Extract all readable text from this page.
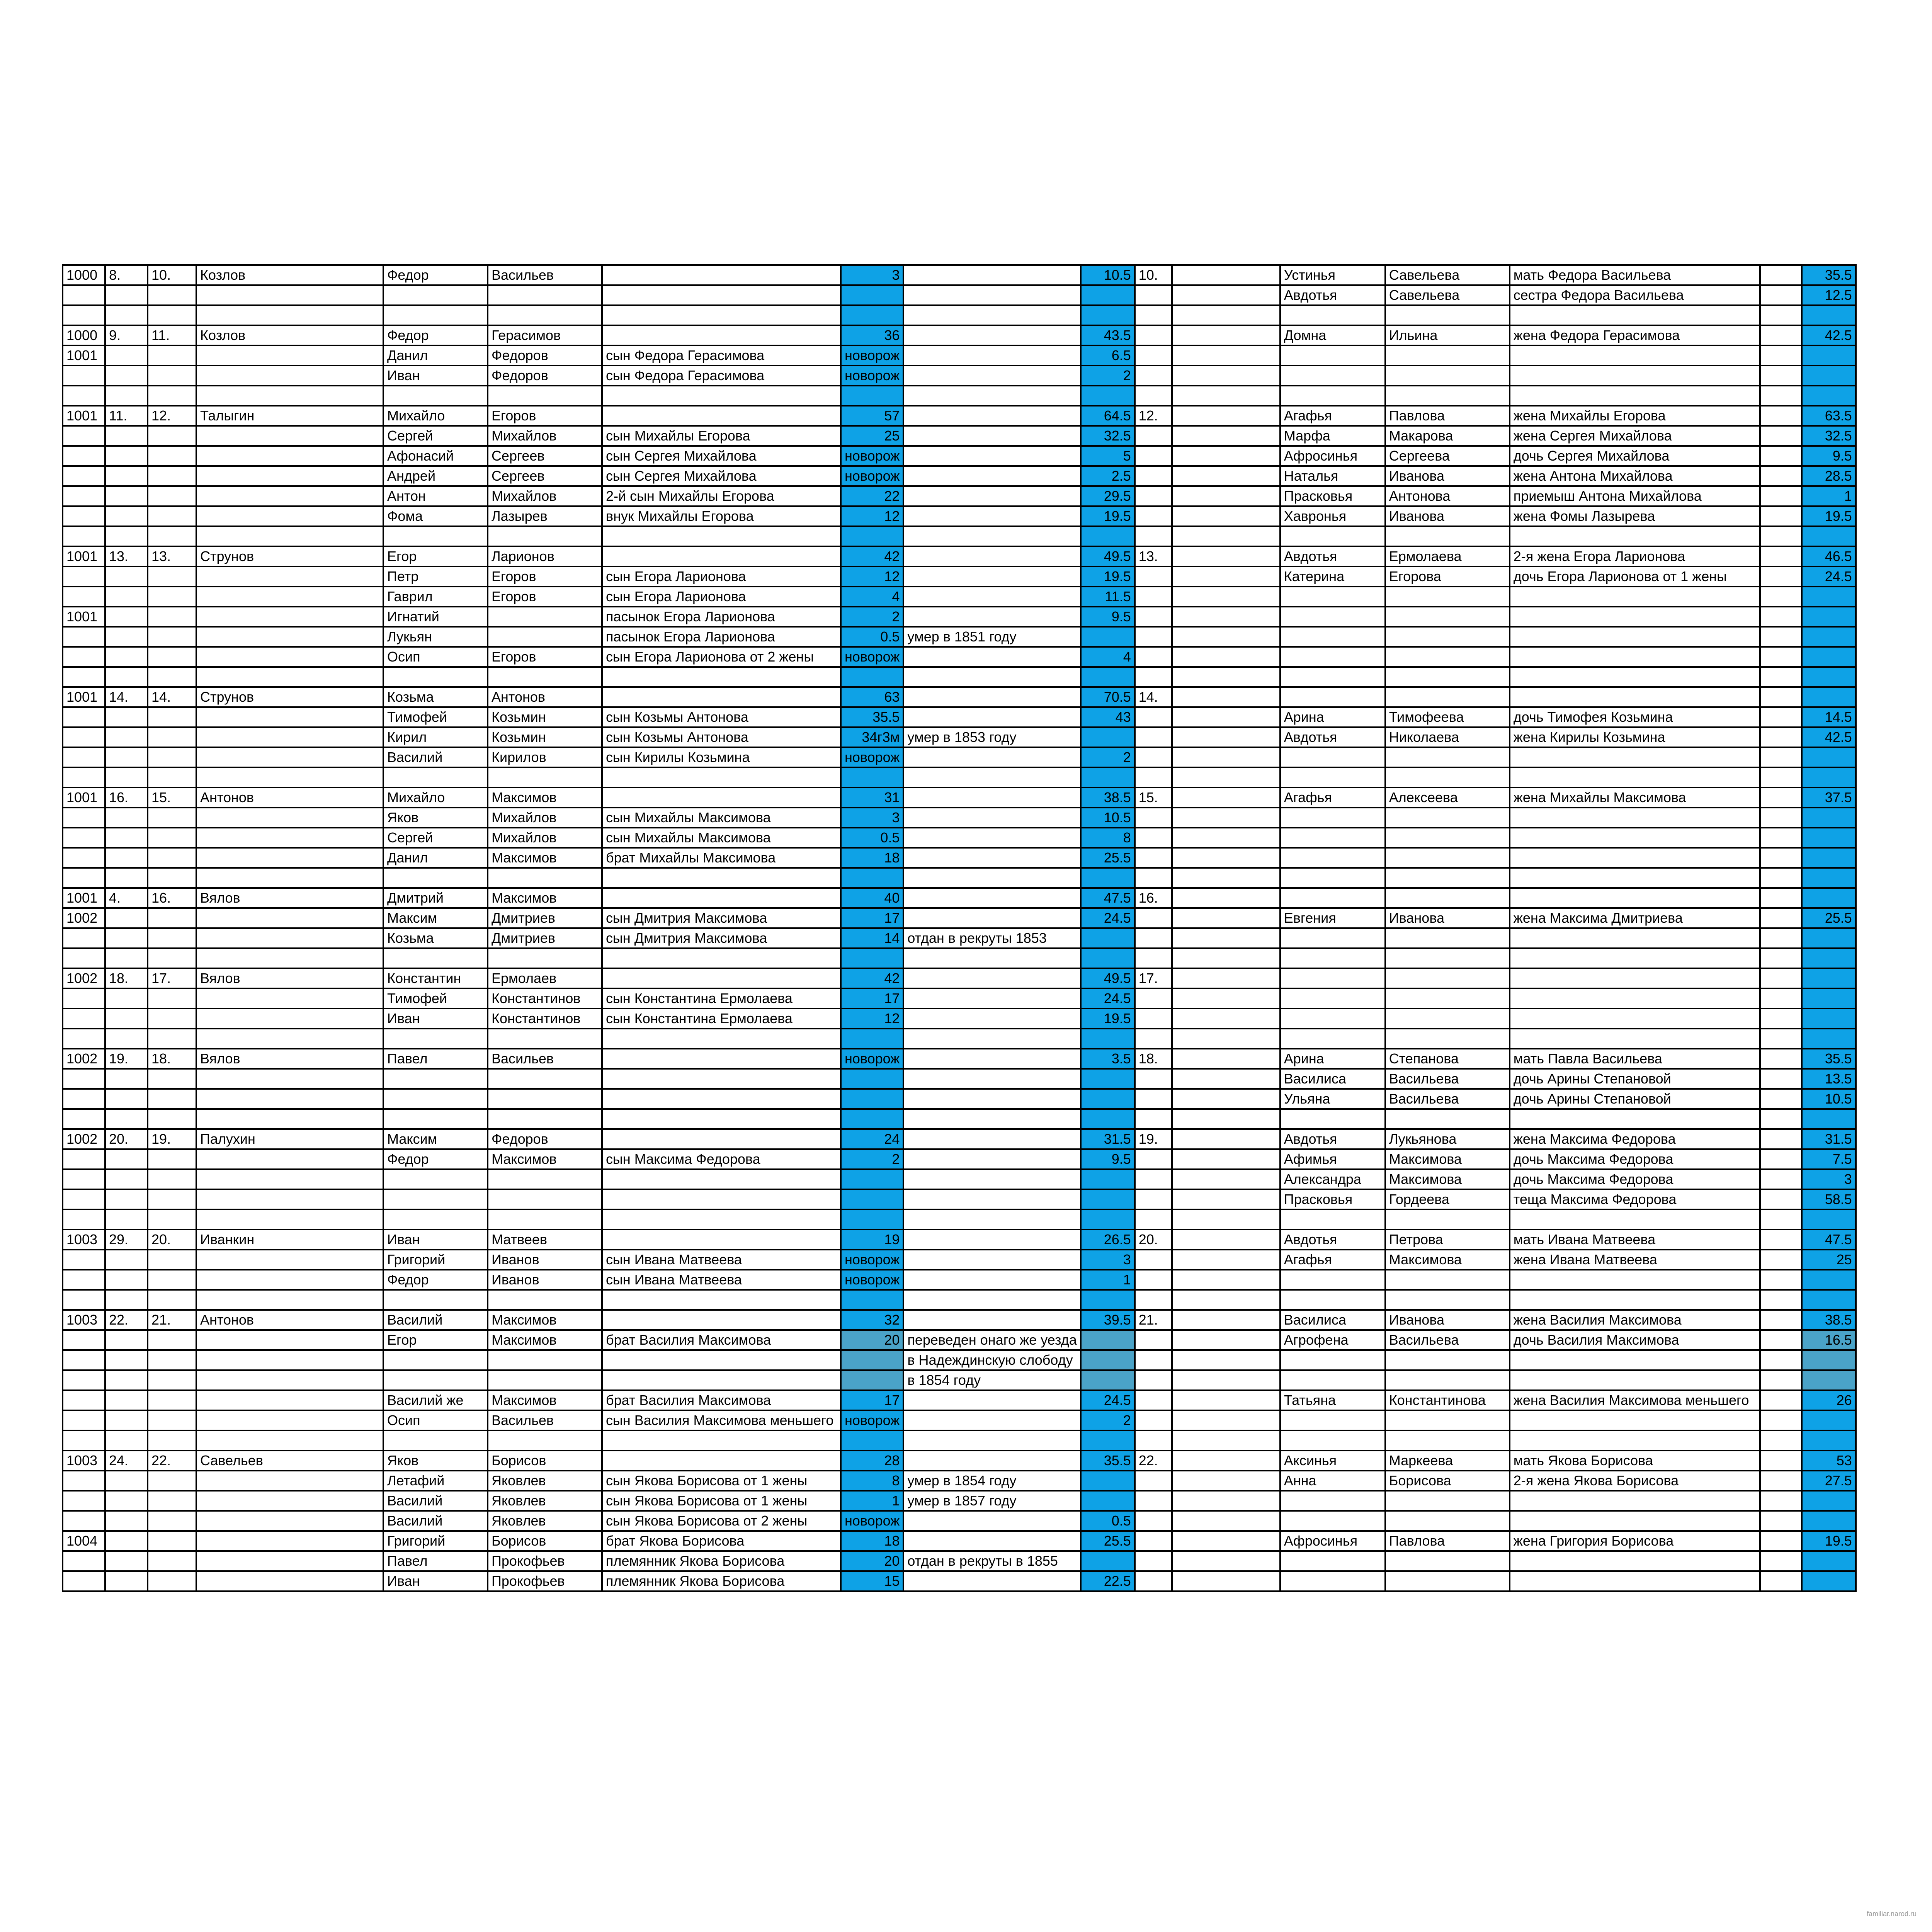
1000	8.	10.	Козлов	Федор	Васильев		3		10.5	10.		Устинья	Савельева	мать Федора Васильева		35.5
												Авдотья	Савельева	сестра Федора Васильева		12.5

1000	9.	11.	Козлов	Федор	Герасимов		36		43.5			Домна	Ильина	жена Федора Герасимова		42.5
1001				Данил	Федоров	сын Федора Герасимова	новорож		6.5							
				Иван	Федоров	сын Федора Герасимова	новорож		2							

1001	11.	12.	Талыгин	Михайло	Егоров		57		64.5	12.		Агафья	Павлова	жена Михайлы Егорова		63.5
				Сергей	Михайлов	сын Михайлы Егорова	25		32.5			Марфа	Макарова	жена Сергея Михайлова		32.5
				Афонасий	Сергеев	сын Сергея Михайлова	новорож		5			Афросинья	Сергеева	дочь Сергея Михайлова		9.5
				Андрей	Сергеев	сын Сергея Михайлова	новорож		2.5			Наталья	Иванова	жена Антона Михайлова		28.5
				Антон	Михайлов	2-й сын Михайлы Егорова	22		29.5			Прасковья	Антонова	приемыш Антона Михайлова		1
				Фома	Лазырев	внук Михайлы Егорова	12		19.5			Хавронья	Иванова	жена Фомы Лазырева		19.5

1001	13.	13.	Струнов	Егор	Ларионов		42		49.5	13.		Авдотья	Ермолаева	2-я жена Егора Ларионова		46.5
				Петр	Егоров	сын Егора Ларионова	12		19.5			Катерина	Егорова	дочь Егора Ларионова от 1 жены		24.5
				Гаврил	Егоров	сын Егора Ларионова	4		11.5							
1001				Игнатий		пасынок Егора Ларионова	2		9.5							
				Лукьян		пасынок Егора Ларионова	0.5	умер в 1851 году								
				Осип	Егоров	сын Егора Ларионова от 2 жены	новорож		4							

1001	14.	14.	Струнов	Козьма	Антонов		63		70.5	14.						
				Тимофей	Козьмин	сын Козьмы Антонова	35.5		43			Арина	Тимофеева	дочь Тимофея Козьмина		14.5
				Кирил	Козьмин	сын Козьмы Антонова	34г3м	умер в 1853 году				Авдотья	Николаева	жена Кирилы Козьмина		42.5
				Василий	Кирилов	сын Кирилы Козьмина	новорож		2							

1001	16.	15.	Антонов	Михайло	Максимов		31		38.5	15.		Агафья	Алексеева	жена Михайлы Максимова		37.5
				Яков	Михайлов	сын Михайлы Максимова	3		10.5							
				Сергей	Михайлов	сын Михайлы Максимова	0.5		8							
				Данил	Максимов	брат Михайлы Максимова	18		25.5							

1001	4.	16.	Вялов	Дмитрий	Максимов		40		47.5	16.						
1002				Максим	Дмитриев	сын Дмитрия Максимова	17		24.5			Евгения	Иванова	жена Максима Дмитриева		25.5
				Козьма	Дмитриев	сын Дмитрия Максимова	14	отдан в рекруты 1853								

1002	18.	17.	Вялов	Константин	Ермолаев		42		49.5	17.						
				Тимофей	Константинов	сын Константина Ермолаева	17		24.5							
				Иван	Константинов	сын Константина Ермолаева	12		19.5							

1002	19.	18.	Вялов	Павел	Васильев		новорож		3.5	18.		Арина	Степанова	мать Павла Васильева		35.5
												Василиса	Васильева	дочь Арины Степановой		13.5
												Ульяна	Васильева	дочь Арины Степановой		10.5

1002	20.	19.	Палухин	Максим	Федоров		24		31.5	19.		Авдотья	Лукьянова	жена Максима Федорова		31.5
				Федор	Максимов	сын Максима Федорова	2		9.5			Афимья	Максимова	дочь Максима Федорова		7.5
												Александра	Максимова	дочь Максима Федорова		3
												Прасковья	Гордеева	теща Максима Федорова		58.5

1003	29.	20.	Иванкин	Иван	Матвеев		19		26.5	20.		Авдотья	Петрова	мать Ивана Матвеева		47.5
				Григорий	Иванов	сын Ивана Матвеева	новорож		3			Агафья	Максимова	жена Ивана Матвеева		25
				Федор	Иванов	сын Ивана Матвеева	новорож		1							

1003	22.	21.	Антонов	Василий	Максимов		32		39.5	21.		Василиса	Иванова	жена Василия Максимова		38.5
				Егор	Максимов	брат Василия Максимова	20	переведен онаго же уезда				Агрофена	Васильева	дочь Василия Максимова		16.5
								в Надеждинскую слободу								
								в 1854 году								
				Василий же	Максимов	брат Василия Максимова	17		24.5			Татьяна	Константинова	жена Василия Максимова меньшего		26
				Осип	Васильев	сын Василия Максимова меньшего	новорож		2							

1003	24.	22.	Савельев	Яков	Борисов		28		35.5	22.		Аксинья	Маркеева	мать Якова Борисова		53
				Летафий	Яковлев	сын Якова Борисова от 1 жены	8	умер в 1854 году				Анна	Борисова	2-я жена Якова Борисова		27.5
				Василий	Яковлев	сын Якова Борисова от 1 жены	1	умер в 1857 году								
				Василий	Яковлев	сын Якова Борисова от 2 жены	новорож		0.5							
1004				Григорий	Борисов	брат Якова Борисова	18		25.5			Афросинья	Павлова	жена Григория Борисова		19.5
				Павел	Прокофьев	племянник Якова Борисова	20	отдан в рекруты в 1855								
				Иван	Прокофьев	племянник Якова Борисова	15		22.5							
familiar.narod.ru
